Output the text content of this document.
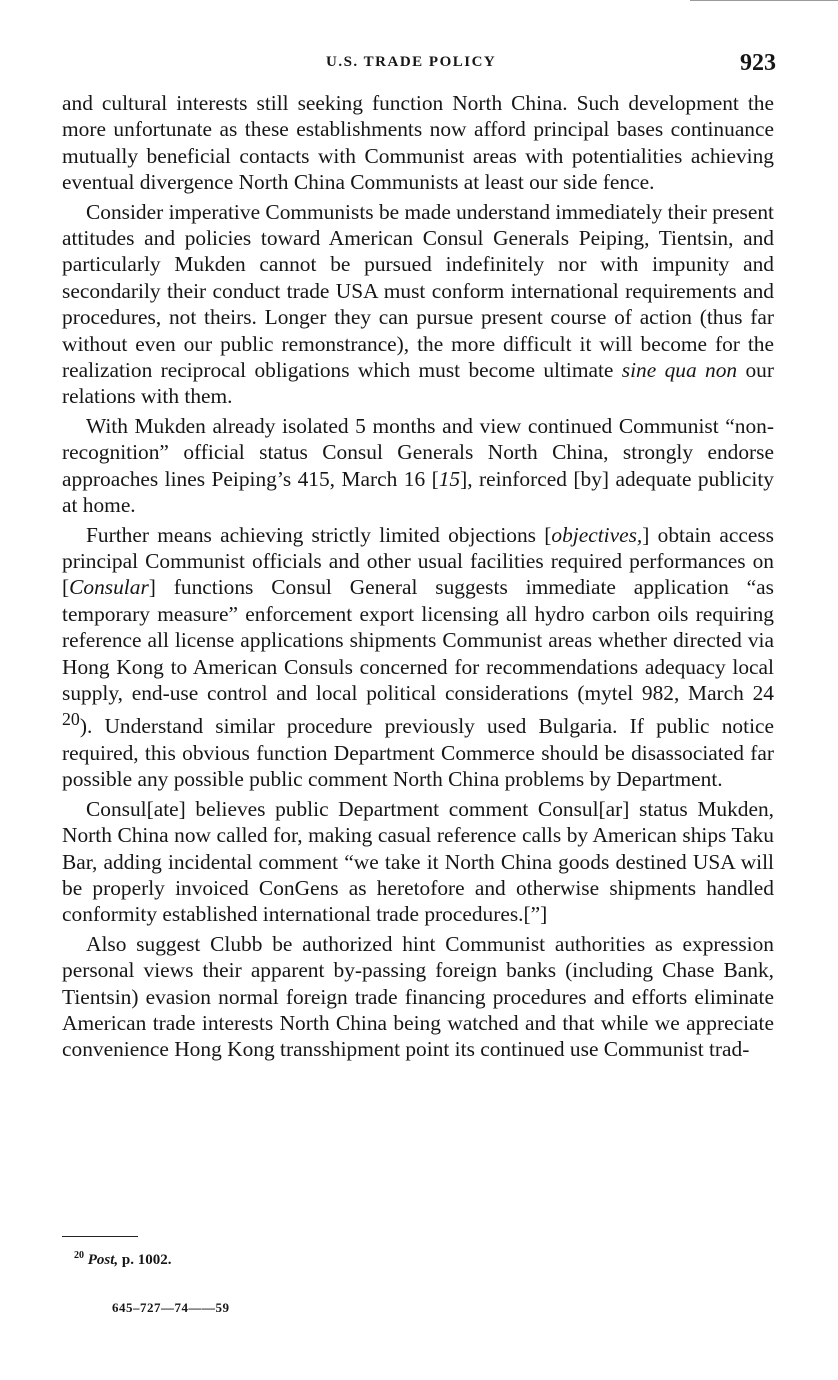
U.S. TRADE POLICY	923

and cultural interests still seeking function North China. Such development the more unfortunate as these establishments now afford principal bases continuance mutually beneficial contacts with Communist areas with potentialities achieving eventual divergence North China Communists at least our side fence.

Consider imperative Communists be made understand immediately their present attitudes and policies toward American Consul Generals Peiping, Tientsin, and particularly Mukden cannot be pursued indefinitely nor with impunity and secondarily their conduct trade USA must conform international requirements and procedures, not theirs. Longer they can pursue present course of action (thus far without even our public remonstrance), the more difficult it will become for the realization reciprocal obligations which must become ultimate sine qua non our relations with them.

With Mukden already isolated 5 months and view continued Communist “non-recognition” official status Consul Generals North China, strongly endorse approaches lines Peiping’s 415, March 16 [15], reinforced [by] adequate publicity at home.

Further means achieving strictly limited objections [objectives,] obtain access principal Communist officials and other usual facilities required performances on [Consular] functions Consul General suggests immediate application “as temporary measure” enforcement export licensing all hydro carbon oils requiring reference all license applications shipments Communist areas whether directed via Hong Kong to American Consuls concerned for recommendations adequacy local supply, end-use control and local political considerations (mytel 982, March 24 $^{20}$). Understand similar procedure previously used Bulgaria. If public notice required, this obvious function Department Commerce should be disassociated far possible any possible public comment North China problems by Department.

Consul[ate] believes public Department comment Consul[ar] status Mukden, North China now called for, making casual reference calls by American ships Taku Bar, adding incidental comment “we take it North China goods destined USA will be properly invoiced ConGens as heretofore and otherwise shipments handled conformity established international trade procedures.[”]

Also suggest Clubb be authorized hint Communist authorities as expression personal views their apparent by-passing foreign banks (including Chase Bank, Tientsin) evasion normal foreign trade financing procedures and efforts eliminate American trade interests North China being watched and that while we appreciate convenience Hong Kong transshipment point its continued use Communist trad-

$^{20}$ Post, p. 1002.
645–727—74——59
